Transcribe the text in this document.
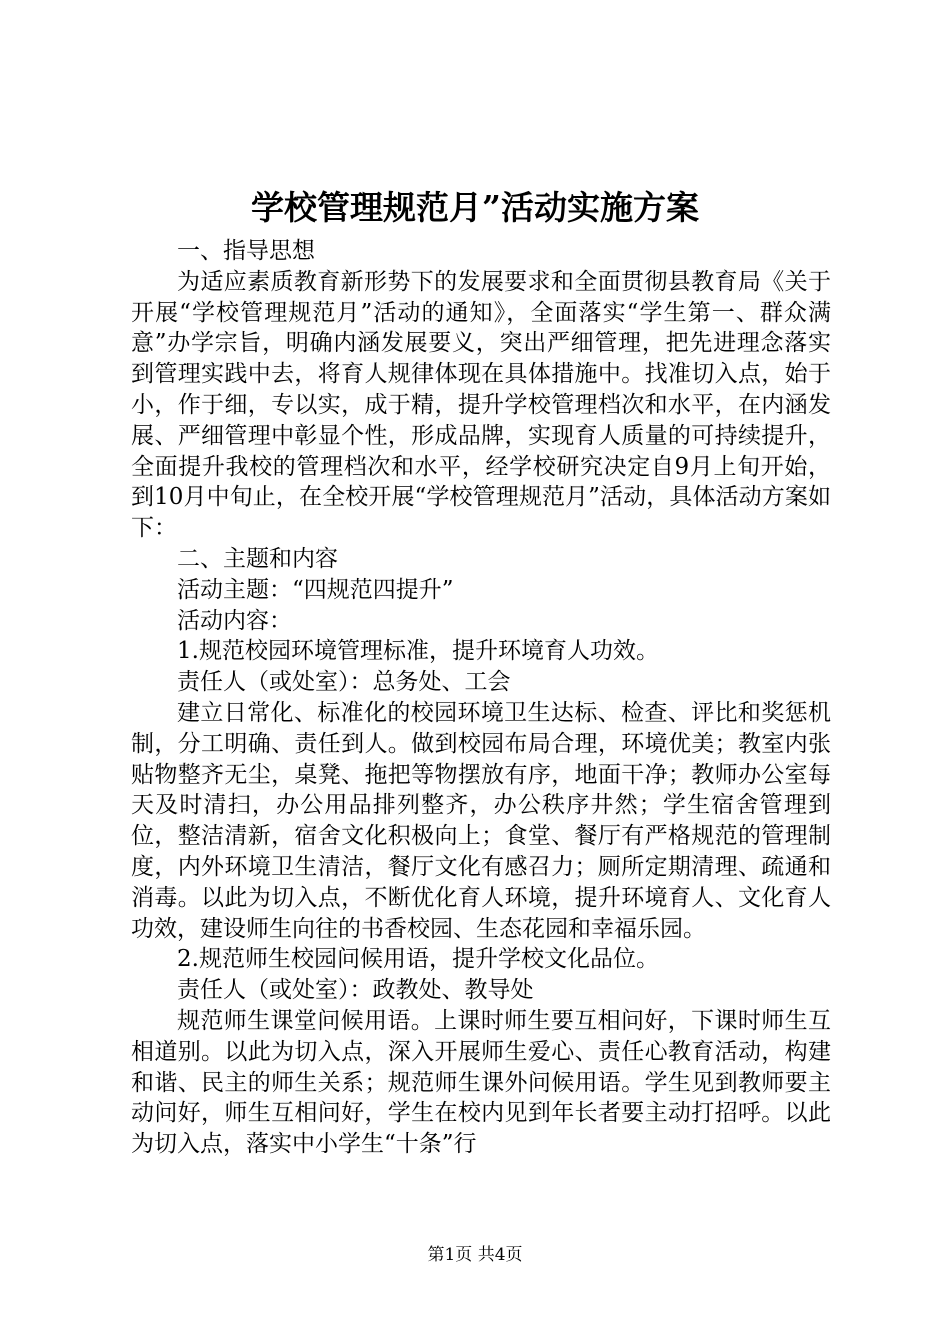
学校管理规范月”活动实施方案

一、指导思想

为适应素质教育新形势下的发展要求和全面贯彻县教育局《关于开展“学校管理规范月”活动的通知》，全面落实“学生第一、群众满意”办学宗旨，明确内涵发展要义，突出严细管理，把先进理念落实到管理实践中去，将育人规律体现在具体措施中。找准切入点，始于小，作于细，专以实，成于精，提升学校管理档次和水平，在内涵发展、严细管理中彰显个性，形成品牌，实现育人质量的可持续提升，全面提升我校的管理档次和水平，经学校研究决定自9月上旬开始，到10月中旬止，在全校开展“学校管理规范月”活动，具体活动方案如下：

二、主题和内容

活动主题：“四规范四提升”

活动内容：

1.规范校园环境管理标准，提升环境育人功效。

责任人（或处室）：总务处、工会

建立日常化、标准化的校园环境卫生达标、检查、评比和奖惩机制，分工明确、责任到人。做到校园布局合理，环境优美；教室内张贴物整齐无尘，桌凳、拖把等物摆放有序，地面干净；教师办公室每天及时清扫，办公用品排列整齐，办公秩序井然；学生宿舍管理到位，整洁清新，宿舍文化积极向上；食堂、餐厅有严格规范的管理制度，内外环境卫生清洁，餐厅文化有感召力；厕所定期清理、疏通和消毒。以此为切入点，不断优化育人环境，提升环境育人、文化育人功效，建设师生向往的书香校园、生态花园和幸福乐园。

2.规范师生校园问候用语，提升学校文化品位。

责任人（或处室）：政教处、教导处

规范师生课堂问候用语。上课时师生要互相问好，下课时师生互相道别。以此为切入点，深入开展师生爱心、责任心教育活动，构建和谐、民主的师生关系；规范师生课外问候用语。学生见到教师要主动问好，师生互相问好，学生在校内见到年长者要主动打招呼。以此为切入点，落实中小学生“十条”行

第1页 共4页
